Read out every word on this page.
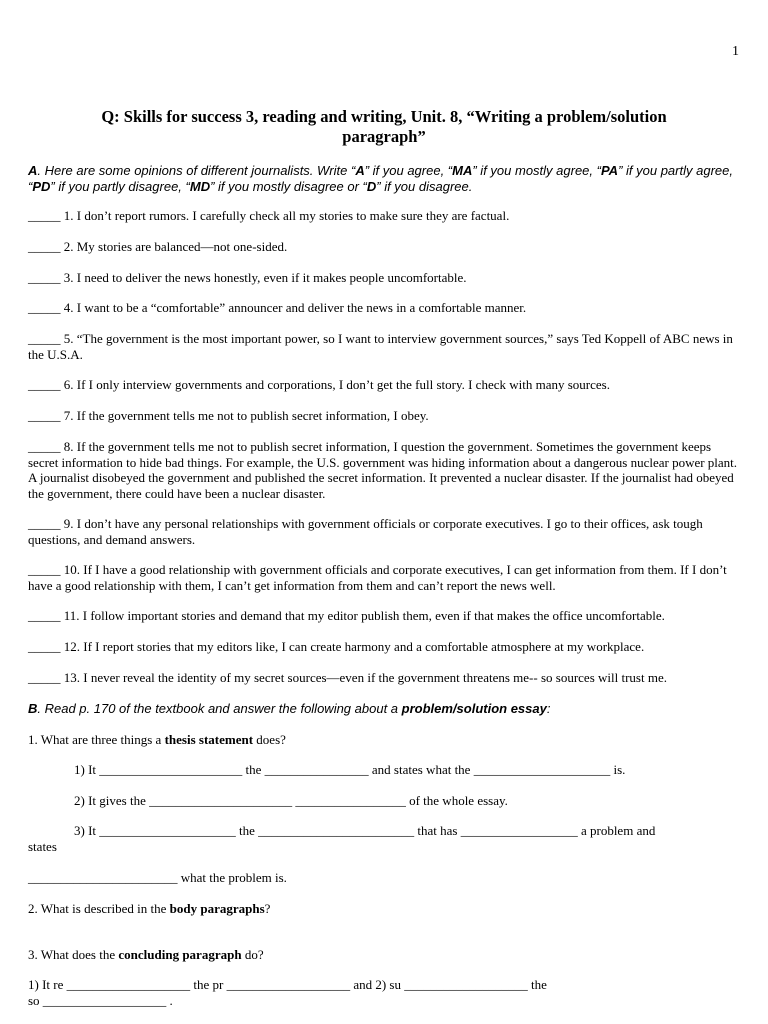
1
Q: Skills for success 3, reading and writing, Unit. 8, “Writing a problem/solution paragraph”
A. Here are some opinions of different journalists. Write “A” if you agree, “MA” if you mostly agree, “PA” if you partly agree, “PD” if you partly disagree, “MD” if you mostly disagree or “D” if you disagree.
_____ 1. I don’t report rumors. I carefully check all my stories to make sure they are factual.
_____ 2. My stories are balanced—not one-sided.
_____ 3. I need to deliver the news honestly, even if it makes people uncomfortable.
_____ 4. I want to be a “comfortable” announcer and deliver the news in a comfortable manner.
_____ 5. “The government is the most important power, so I want to interview government sources,” says Ted Koppell of ABC news in the U.S.A.
_____ 6. If I only interview governments and corporations, I don’t get the full story. I check with many sources.
_____ 7. If the government tells me not to publish secret information, I obey.
_____ 8. If the government tells me not to publish secret information, I question the government. Sometimes the government keeps secret information to hide bad things. For example, the U.S. government was hiding information about a dangerous nuclear power plant. A journalist disobeyed the government and published the secret information. It prevented a nuclear disaster. If the journalist had obeyed the government, there could have been a nuclear disaster.
_____ 9. I don’t have any personal relationships with government officials or corporate executives. I go to their offices, ask tough questions, and demand answers.
_____ 10. If I have a good relationship with government officials and corporate executives, I can get information from them. If I don’t have a good relationship with them, I can’t get information from them and can’t report the news well.
_____ 11. I follow important stories and demand that my editor publish them, even if that makes the office uncomfortable.
_____ 12. If I report stories that my editors like, I can create harmony and a comfortable atmosphere at my workplace.
_____ 13. I never reveal the identity of my secret sources—even if the government threatens me-- so sources will trust me.
B. Read p. 170 of the textbook and answer the following about a problem/solution essay:
1. What are three things a thesis statement does?
1) It ______________________ the ________________ and states what the _____________________ is.
2) It gives the ______________________ _________________ of the whole essay.
3) It _____________________ the ________________________ that has __________________ a problem and
states
_______________________ what the problem is.
2. What is described in the body paragraphs?
3. What does the concluding paragraph do?
1) It re ___________________ the pr ___________________ and 2) su ___________________ the
so ___________________ .
